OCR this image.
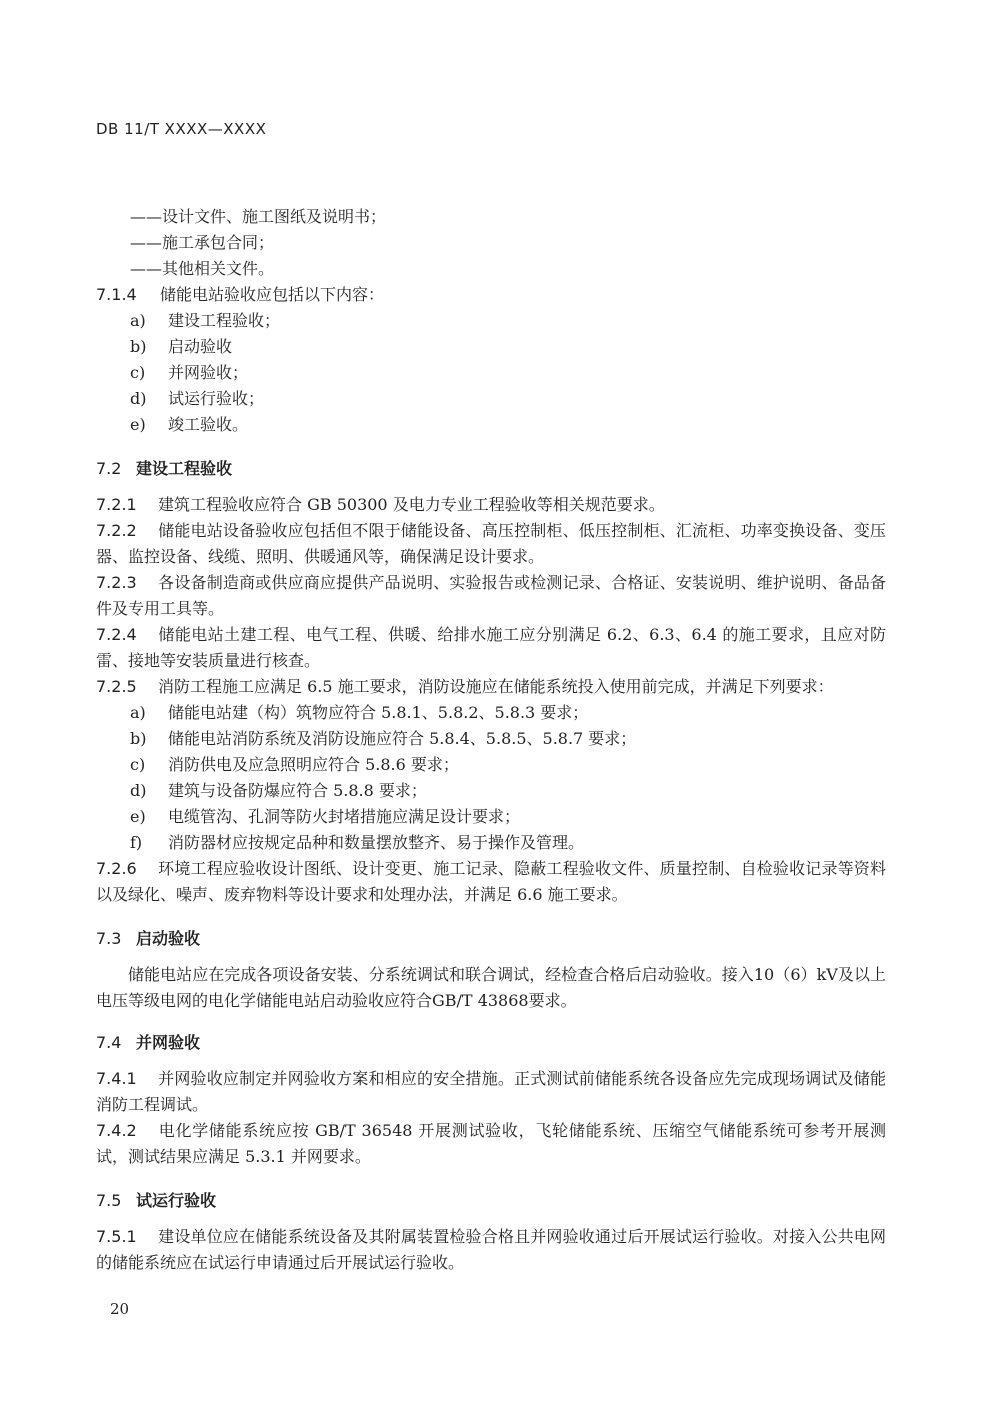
DB 11/T XXXX—XXXX
——设计文件、施工图纸及说明书；
——施工承包合同；
——其他相关文件。
7.1.4 储能电站验收应包括以下内容：
a) 建设工程验收；
b) 启动验收
c) 并网验收；
d) 试运行验收；
e) 竣工验收。
7.2 建设工程验收
7.2.1 建筑工程验收应符合 GB 50300 及电力专业工程验收等相关规范要求。
7.2.2 储能电站设备验收应包括但不限于储能设备、高压控制柜、低压控制柜、汇流柜、功率变换设备、变压器、监控设备、线缆、照明、供暖通风等，确保满足设计要求。
7.2.3 各设备制造商或供应商应提供产品说明、实验报告或检测记录、合格证、安装说明、维护说明、备品备件及专用工具等。
7.2.4 储能电站土建工程、电气工程、供暖、给排水施工应分别满足 6.2、6.3、6.4 的施工要求，且应对防雷、接地等安装质量进行核查。
7.2.5 消防工程施工应满足 6.5 施工要求，消防设施应在储能系统投入使用前完成，并满足下列要求：
a) 储能电站建（构）筑物应符合 5.8.1、5.8.2、5.8.3 要求；
b) 储能电站消防系统及消防设施应符合 5.8.4、5.8.5、5.8.7 要求；
c) 消防供电及应急照明应符合 5.8.6 要求；
d) 建筑与设备防爆应符合 5.8.8 要求；
e) 电缆管沟、孔洞等防火封堵措施应满足设计要求；
f) 消防器材应按规定品种和数量摆放整齐、易于操作及管理。
7.2.6 环境工程应验收设计图纸、设计变更、施工记录、隐蔽工程验收文件、质量控制、自检验收记录等资料以及绿化、噪声、废弃物料等设计要求和处理办法，并满足 6.6 施工要求。
7.3 启动验收
储能电站应在完成各项设备安装、分系统调试和联合调试，经检查合格后启动验收。接入10（6）kV及以上电压等级电网的电化学储能电站启动验收应符合GB/T 43868要求。
7.4 并网验收
7.4.1 并网验收应制定并网验收方案和相应的安全措施。正式测试前储能系统各设备应先完成现场调试及储能消防工程调试。
7.4.2 电化学储能系统应按 GB/T 36548 开展测试验收，飞轮储能系统、压缩空气储能系统可参考开展测试，测试结果应满足 5.3.1 并网要求。
7.5 试运行验收
7.5.1 建设单位应在储能系统设备及其附属装置检验合格且并网验收通过后开展试运行验收。对接入公共电网的储能系统应在试运行申请通过后开展试运行验收。
20
